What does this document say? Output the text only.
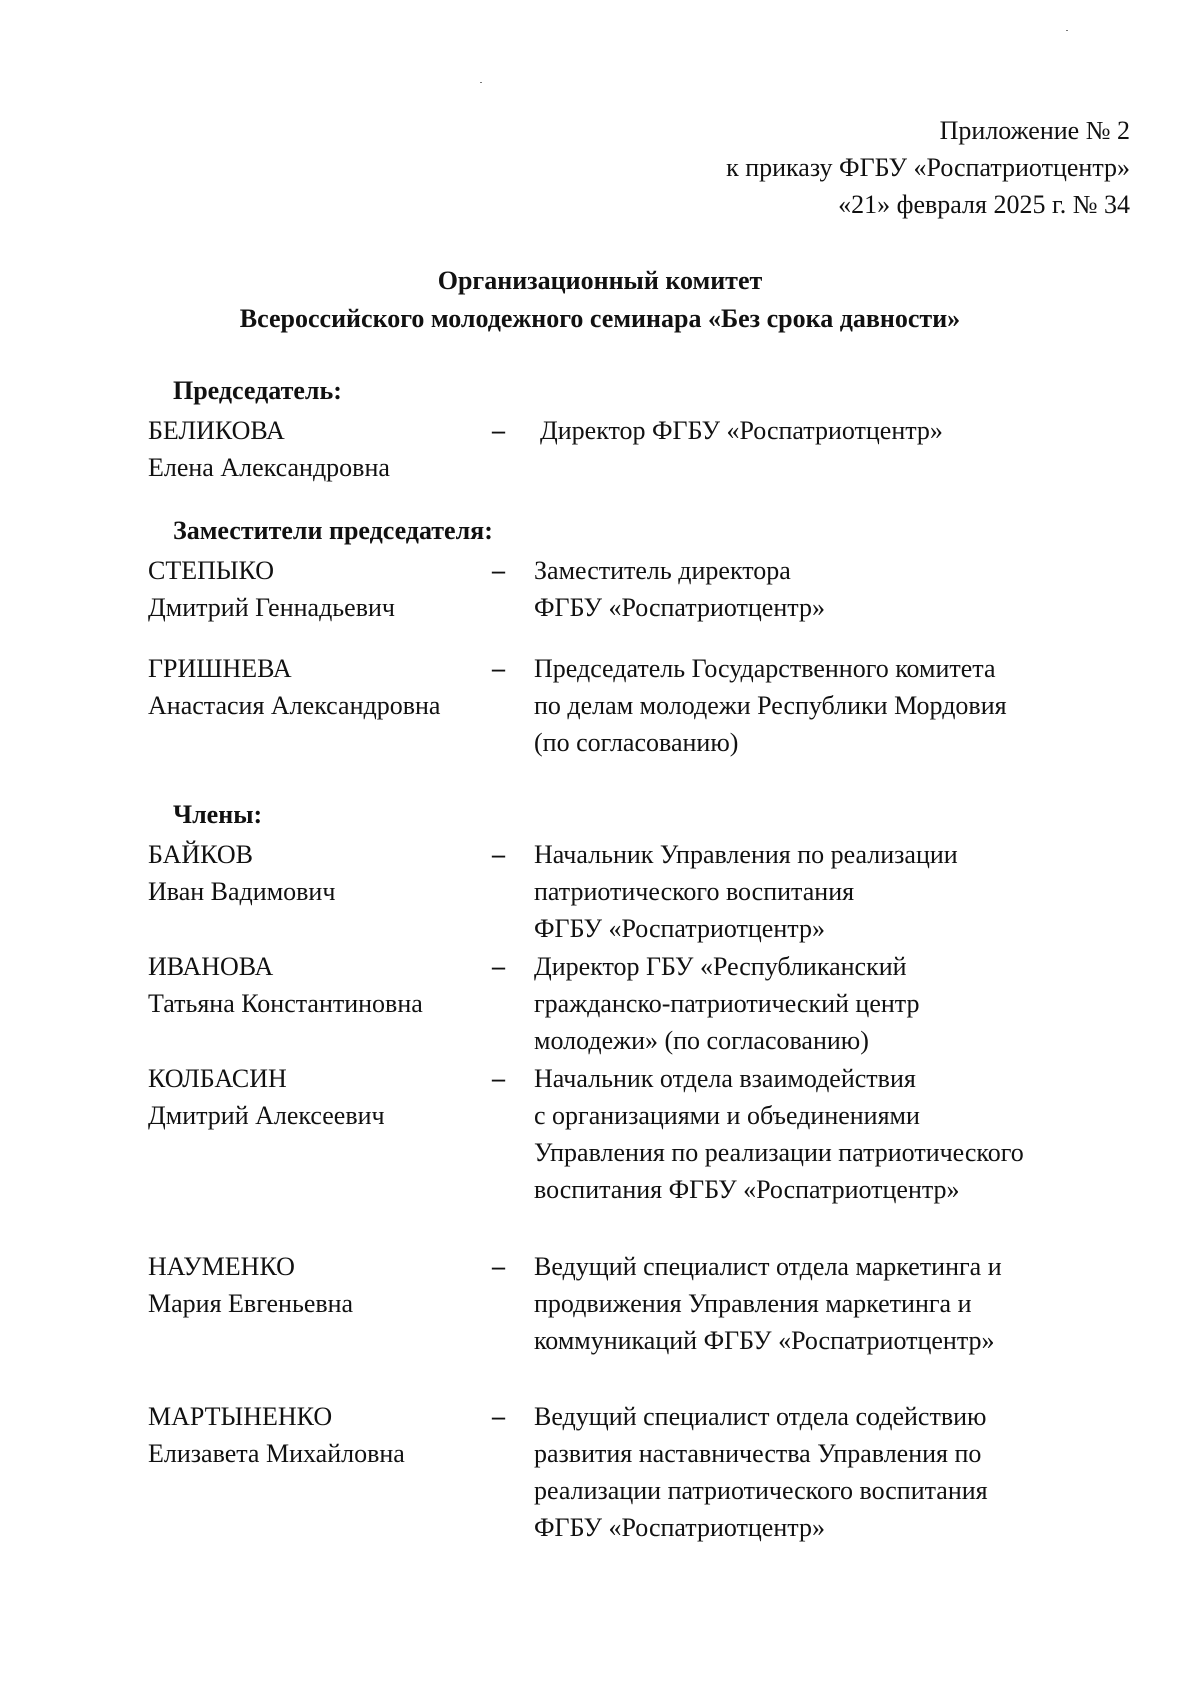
Приложение № 2
к приказу ФГБУ «Роспатриотцентр»
«21» февраля 2025 г. № 34
Организационный комитет
Всероссийского молодежного семинара «Без срока давности»
Председатель:
БЕЛИКОВА
Елена Александровна
– Директор ФГБУ «Роспатриотцентр»
Заместители председателя:
СТЕПЫКО
Дмитрий Геннадьевич
– Заместитель директора
ФГБУ «Роспатриотцентр»
ГРИШНЕВА
Анастасия Александровна
– Председатель Государственного комитета
по делам молодежи Республики Мордовия
(по согласованию)
Члены:
БАЙКОВ
Иван Вадимович
– Начальник Управления по реализации
патриотического воспитания
ФГБУ «Роспатриотцентр»
ИВАНОВА
Татьяна Константиновна
– Директор ГБУ «Республиканский
гражданско-патриотический центр
молодежи» (по согласованию)
КОЛБАСИН
Дмитрий Алексеевич
– Начальник отдела взаимодействия
с организациями и объединениями
Управления по реализации патриотического
воспитания ФГБУ «Роспатриотцентр»
НАУМЕНКО
Мария Евгеньевна
– Ведущий специалист отдела маркетинга и
продвижения Управления маркетинга и
коммуникаций ФГБУ «Роспатриотцентр»
МАРТЫНЕНКО
Елизавета Михайловна
– Ведущий специалист отдела содействию
развития наставничества Управления по
реализации патриотического воспитания
ФГБУ «Роспатриотцентр»
